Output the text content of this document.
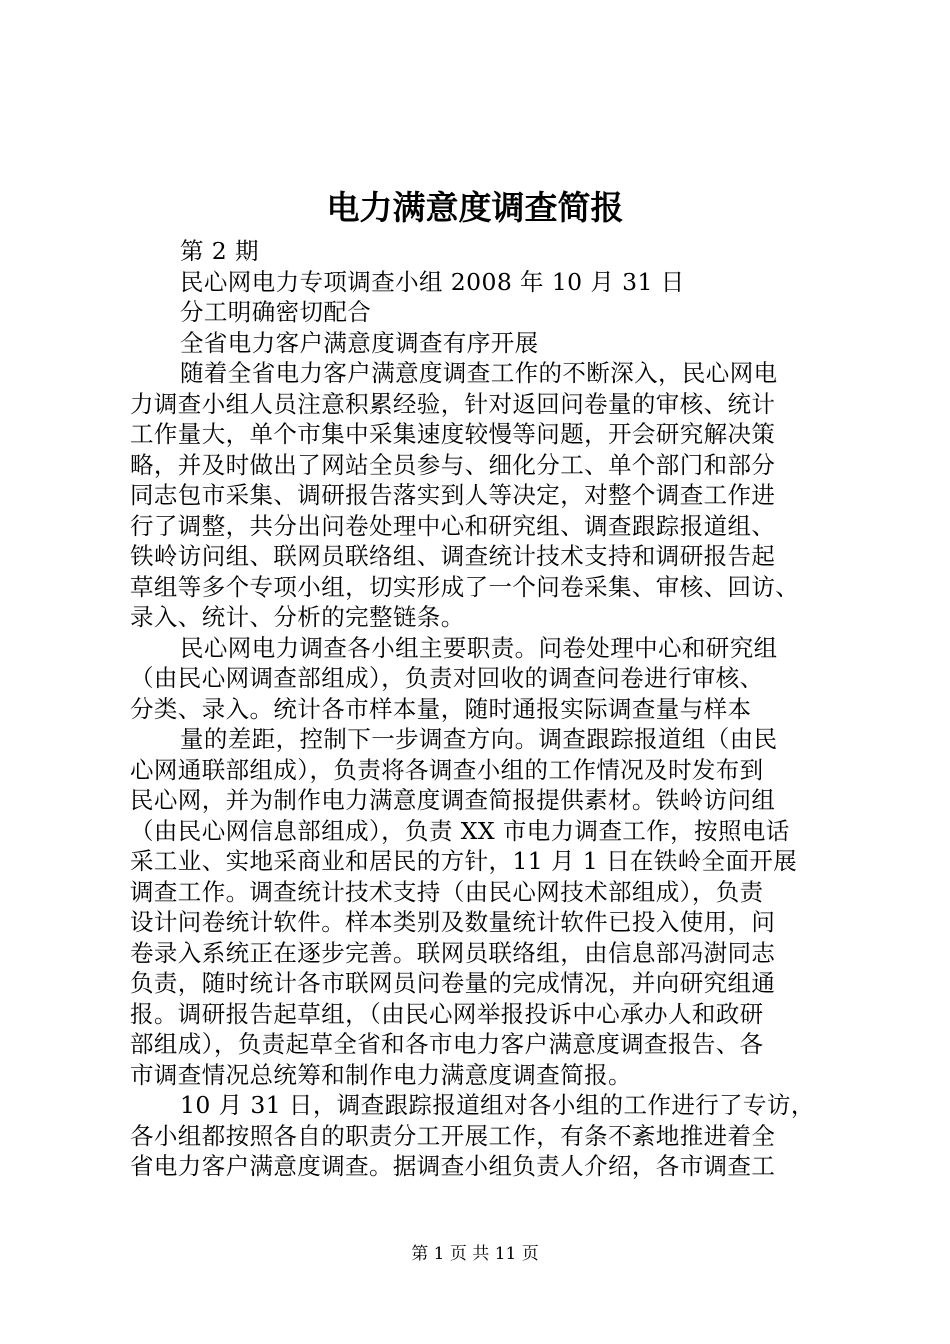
电力满意度调查简报

第 2 期

民心网电力专项调查小组 2008 年 10 月 31 日

分工明确密切配合

全省电力客户满意度调查有序开展

随着全省电力客户满意度调查工作的不断深入，民心网电

力调查小组人员注意积累经验，针对返回问卷量的审核、统计

工作量大，单个市集中采集速度较慢等问题，开会研究解决策

略，并及时做出了网站全员参与、细化分工、单个部门和部分

同志包市采集、调研报告落实到人等决定，对整个调查工作进

行了调整，共分出问卷处理中心和研究组、调查跟踪报道组、

铁岭访问组、联网员联络组、调查统计技术支持和调研报告起

草组等多个专项小组，切实形成了一个问卷采集、审核、回访、

录入、统计、分析的完整链条。

民心网电力调查各小组主要职责。问卷处理中心和研究组

（由民心网调查部组成），负责对回收的调查问卷进行审核、

分类、录入。统计各市样本量，随时通报实际调查量与样本

量的差距，控制下一步调查方向。调查跟踪报道组（由民

心网通联部组成），负责将各调查小组的工作情况及时发布到

民心网，并为制作电力满意度调查简报提供素材。铁岭访问组

（由民心网信息部组成），负责 XX 市电力调查工作，按照电话

采工业、实地采商业和居民的方针，11 月 1 日在铁岭全面开展

调查工作。调查统计技术支持（由民心网技术部组成），负责

设计问卷统计软件。样本类别及数量统计软件已投入使用，问

卷录入系统正在逐步完善。联网员联络组，由信息部冯澍同志

负责，随时统计各市联网员问卷量的完成情况，并向研究组通

报。调研报告起草组，（由民心网举报投诉中心承办人和政研

部组成），负责起草全省和各市电力客户满意度调查报告、各

市调查情况总统筹和制作电力满意度调查简报。

10 月 31 日，调查跟踪报道组对各小组的工作进行了专访，

各小组都按照各自的职责分工开展工作，有条不紊地推进着全

省电力客户满意度调查。据调查小组负责人介绍，各市调查工

第 1 页 共 11 页
